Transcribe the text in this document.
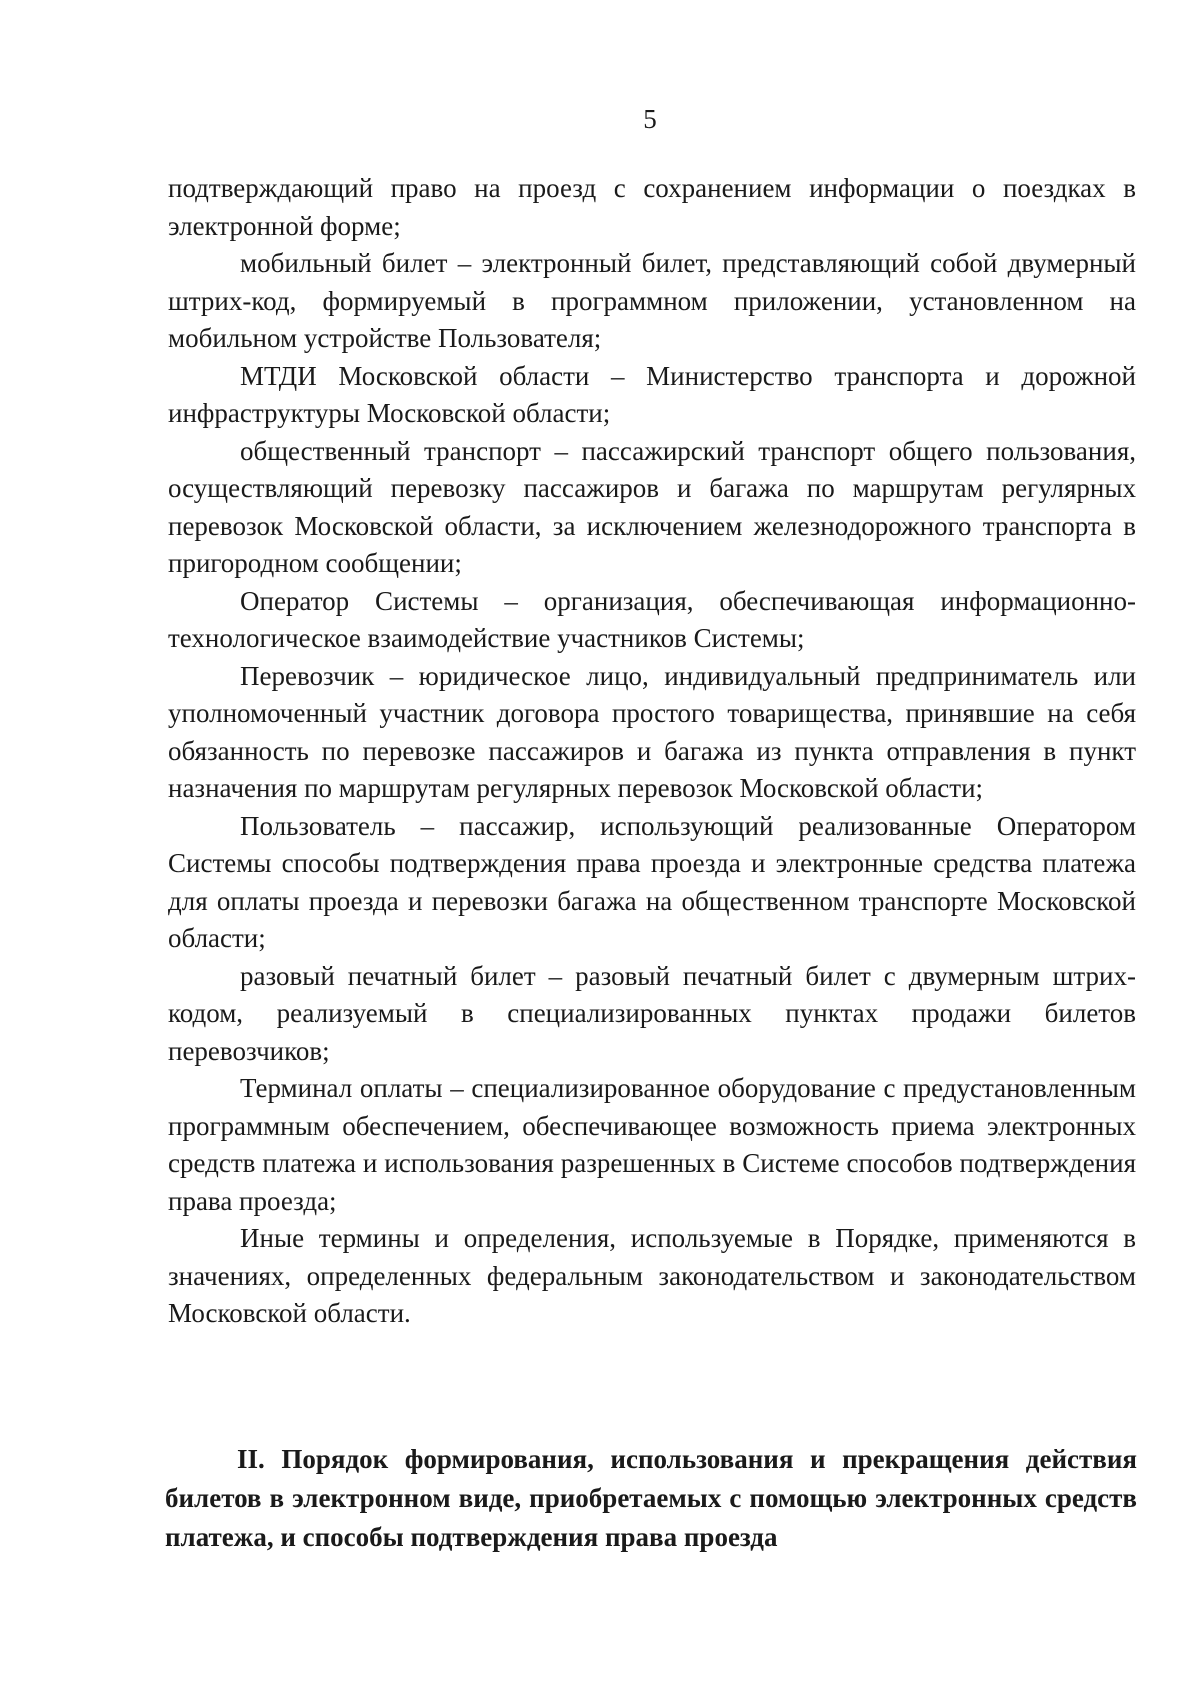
5

подтверждающий право на проезд с сохранением информации о поездках в электронной форме;

мобильный билет – электронный билет, представляющий собой двумерный штрих-код, формируемый в программном приложении, установленном на мобильном устройстве Пользователя;

МТДИ Московской области – Министерство транспорта и дорожной инфраструктуры Московской области;

общественный транспорт – пассажирский транспорт общего пользования, осуществляющий перевозку пассажиров и багажа по маршрутам регулярных перевозок Московской области, за исключением железнодорожного транспорта в пригородном сообщении;

Оператор Системы – организация, обеспечивающая информационно-технологическое взаимодействие участников Системы;

Перевозчик – юридическое лицо, индивидуальный предприниматель или уполномоченный участник договора простого товарищества, принявшие на себя обязанность по перевозке пассажиров и багажа из пункта отправления в пункт назначения по маршрутам регулярных перевозок Московской области;

Пользователь – пассажир, использующий реализованные Оператором Системы способы подтверждения права проезда и электронные средства платежа для оплаты проезда и перевозки багажа на общественном транспорте Московской области;

разовый печатный билет – разовый печатный билет с двумерным штрих-кодом, реализуемый в специализированных пунктах продажи билетов перевозчиков;

Терминал оплаты – специализированное оборудование с предустановленным программным обеспечением, обеспечивающее возможность приема электронных средств платежа и использования разрешенных в Системе способов подтверждения права проезда;

Иные термины и определения, используемые в Порядке, применяются в значениях, определенных федеральным законодательством и законодательством Московской области.

II. Порядок формирования, использования и прекращения действия билетов в электронном виде, приобретаемых с помощью электронных средств платежа, и способы подтверждения права проезда
